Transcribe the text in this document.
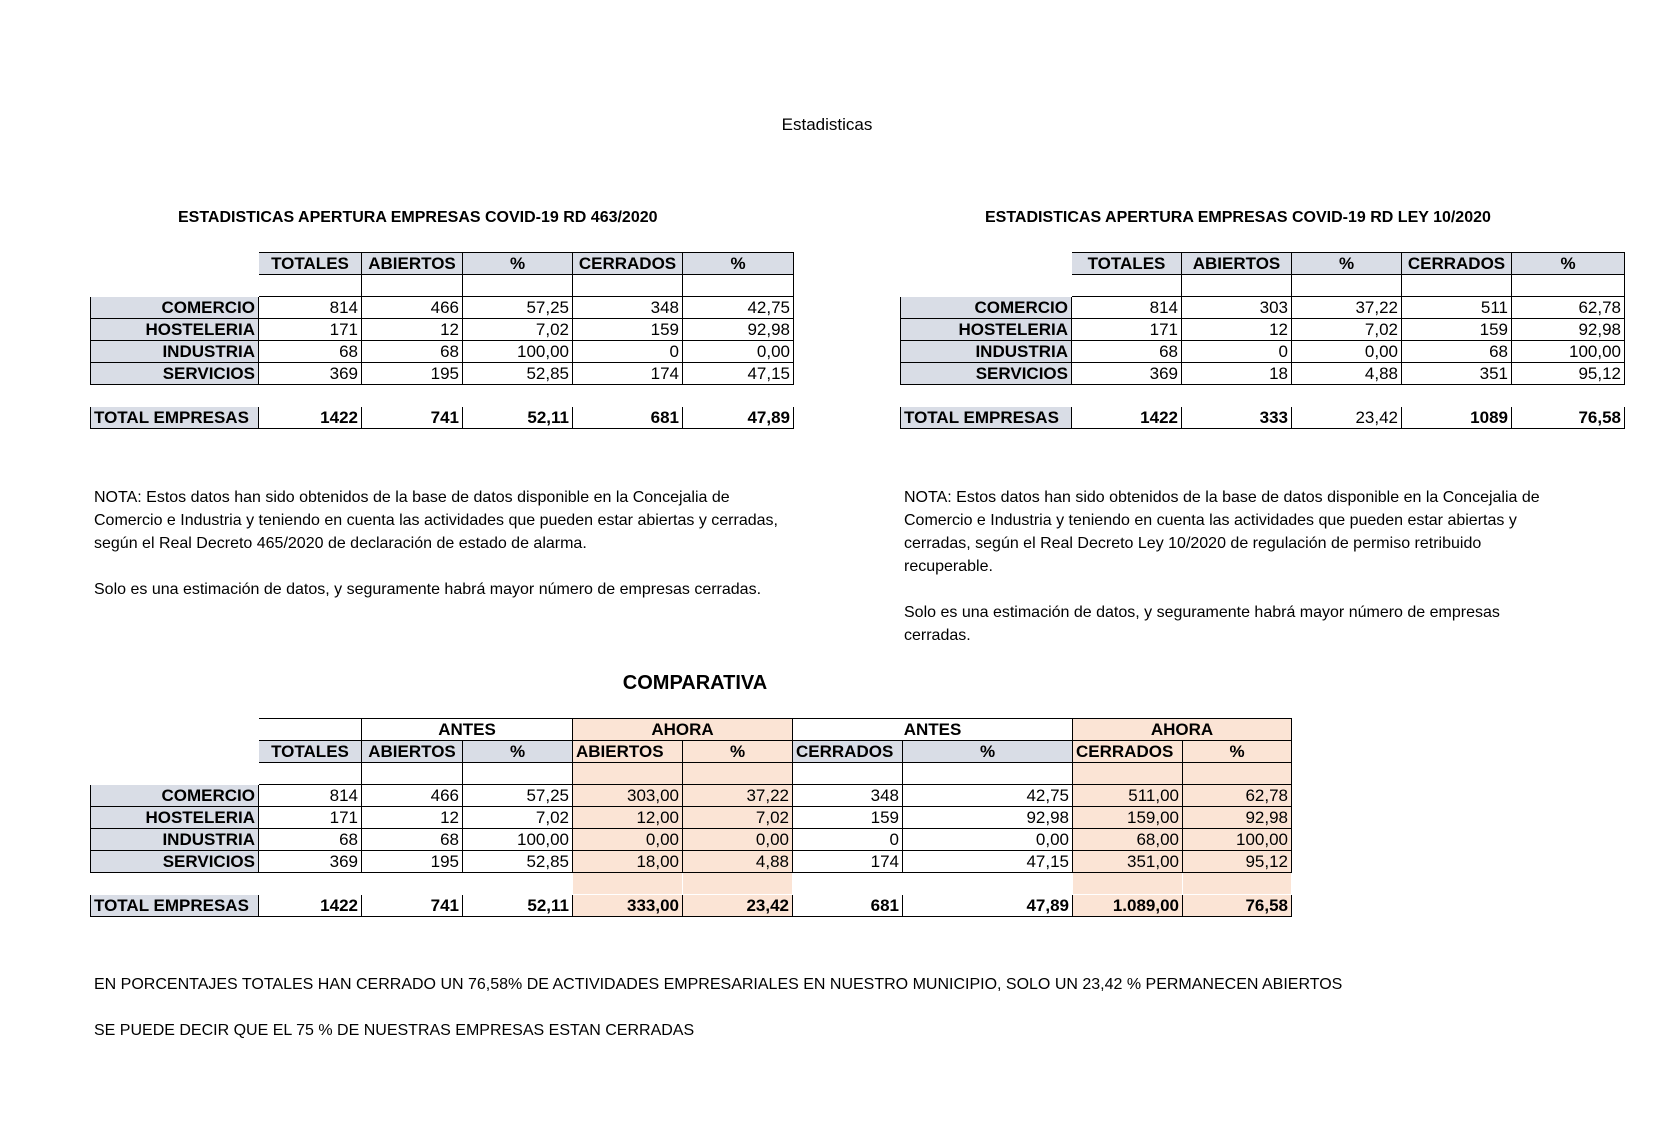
Estadisticas
ESTADISTICAS APERTURA EMPRESAS COVID-19 RD 463/2020	ESTADISTICAS APERTURA EMPRESAS COVID-19 RD LEY 10/2020
	TOTALES	ABIERTOS	%	CERRADOS	%

COMERCIO	814	466	57,25	348	42,75
HOSTELERIA	171	12	7,02	159	92,98
INDUSTRIA	68	68	100,00	0	0,00
SERVICIOS	369	195	52,85	174	47,15

TOTAL EMPRESAS	1422	741	52,11	681	47,89
	TOTALES	ABIERTOS	%	CERRADOS	%

COMERCIO	814	303	37,22	511	62,78
HOSTELERIA	171	12	7,02	159	92,98
INDUSTRIA	68	0	0,00	68	100,00
SERVICIOS	369	18	4,88	351	95,12

TOTAL EMPRESAS	1422	333	23,42	1089	76,58

NOTA: Estos datos han sido obtenidos de la base de datos disponible en la Concejalia de Comercio e Industria y teniendo en cuenta las actividades que pueden estar abiertas y cerradas, según el Real Decreto 465/2020 de declaración de estado de alarma.

Solo es una estimación de datos, y seguramente habrá mayor número de empresas cerradas.

NOTA: Estos datos han sido obtenidos de la base de datos disponible en la Concejalia de Comercio e Industria y teniendo en cuenta las actividades que pueden estar abiertas y cerradas, según el Real Decreto Ley 10/2020 de regulación de permiso retribuido recuperable.

Solo es una estimación de datos, y seguramente habrá mayor número de empresas cerradas.

COMPARATIVA
		ANTES		AHORA		ANTES		AHORA	
	TOTALES	ABIERTOS	%	ABIERTOS	%	CERRADOS	%	CERRADOS	%

COMERCIO	814	466	57,25	303,00	37,22	348	42,75	511,00	62,78
HOSTELERIA	171	12	7,02	12,00	7,02	159	92,98	159,00	92,98
INDUSTRIA	68	68	100,00	0,00	0,00	0	0,00	68,00	100,00
SERVICIOS	369	195	52,85	18,00	4,88	174	47,15	351,00	95,12

TOTAL EMPRESAS	1422	741	52,11	333,00	23,42	681	47,89	1.089,00	76,58
EN PORCENTAJES TOTALES HAN CERRADO UN 76,58% DE ACTIVIDADES EMPRESARIALES EN NUESTRO MUNICIPIO, SOLO UN 23,42 % PERMANECEN ABIERTOS
SE PUEDE DECIR QUE EL 75 % DE NUESTRAS EMPRESAS ESTAN CERRADAS
